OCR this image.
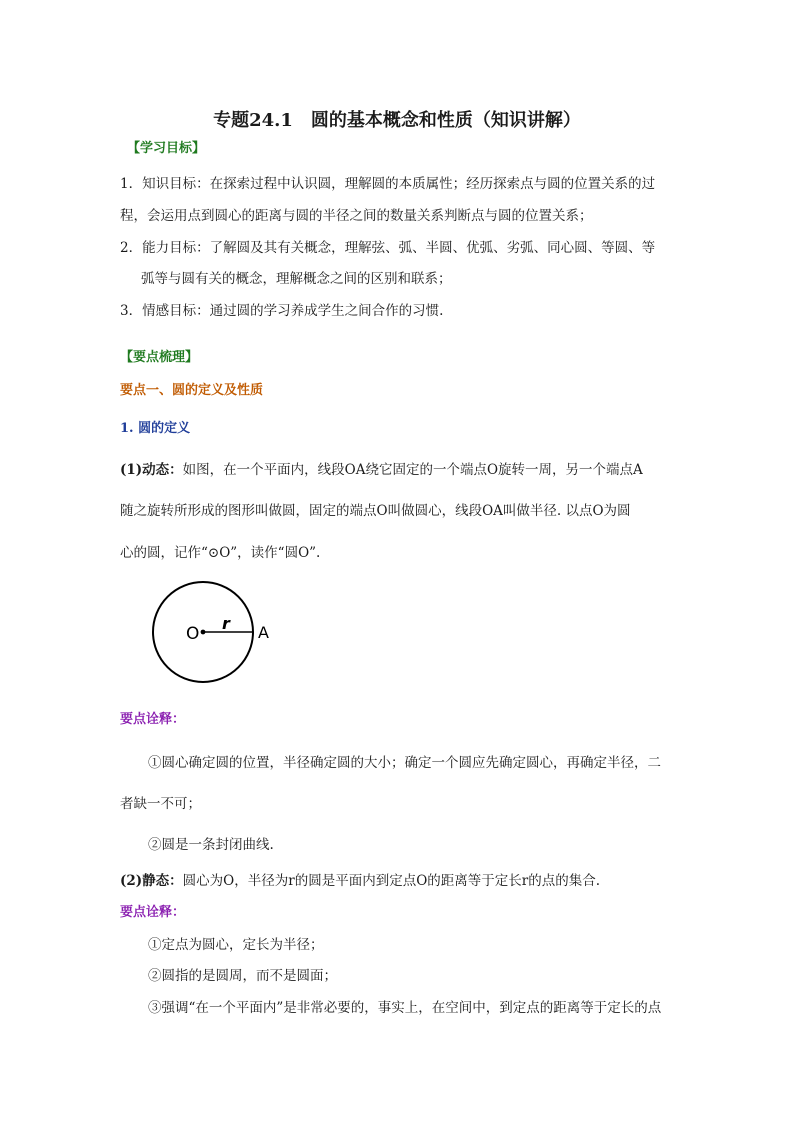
专题24.1　圆的基本概念和性质（知识讲解）
【学习目标】
1．知识目标：在探索过程中认识圆，理解圆的本质属性；经历探索点与圆的位置关系的过
程，会运用点到圆心的距离与圆的半径之间的数量关系判断点与圆的位置关系；
2．能力目标：了解圆及其有关概念，理解弦、弧、半圆、优弧、劣弧、同心圆、等圆、等
弧等与圆有关的概念，理解概念之间的区别和联系；
3．情感目标：通过圆的学习养成学生之间合作的习惯.
【要点梳理】
要点一、圆的定义及性质
1. 圆的定义
(1)动态：如图，在一个平面内，线段OA绕它固定的一个端点O旋转一周，另一个端点A
随之旋转所形成的图形叫做圆，固定的端点O叫做圆心，线段OA叫做半径. 以点O为圆
心的圆，记作“⊙O”，读作“圆O”.
O
r A
要点诠释：
①圆心确定圆的位置，半径确定圆的大小；确定一个圆应先确定圆心，再确定半径，二
者缺一不可；
②圆是一条封闭曲线.
(2)静态：圆心为O，半径为r的圆是平面内到定点O的距离等于定长r的点的集合.
要点诠释：
①定点为圆心，定长为半径；
②圆指的是圆周，而不是圆面；
③强调“在一个平面内”是非常必要的，事实上，在空间中，到定点的距离等于定长的点
